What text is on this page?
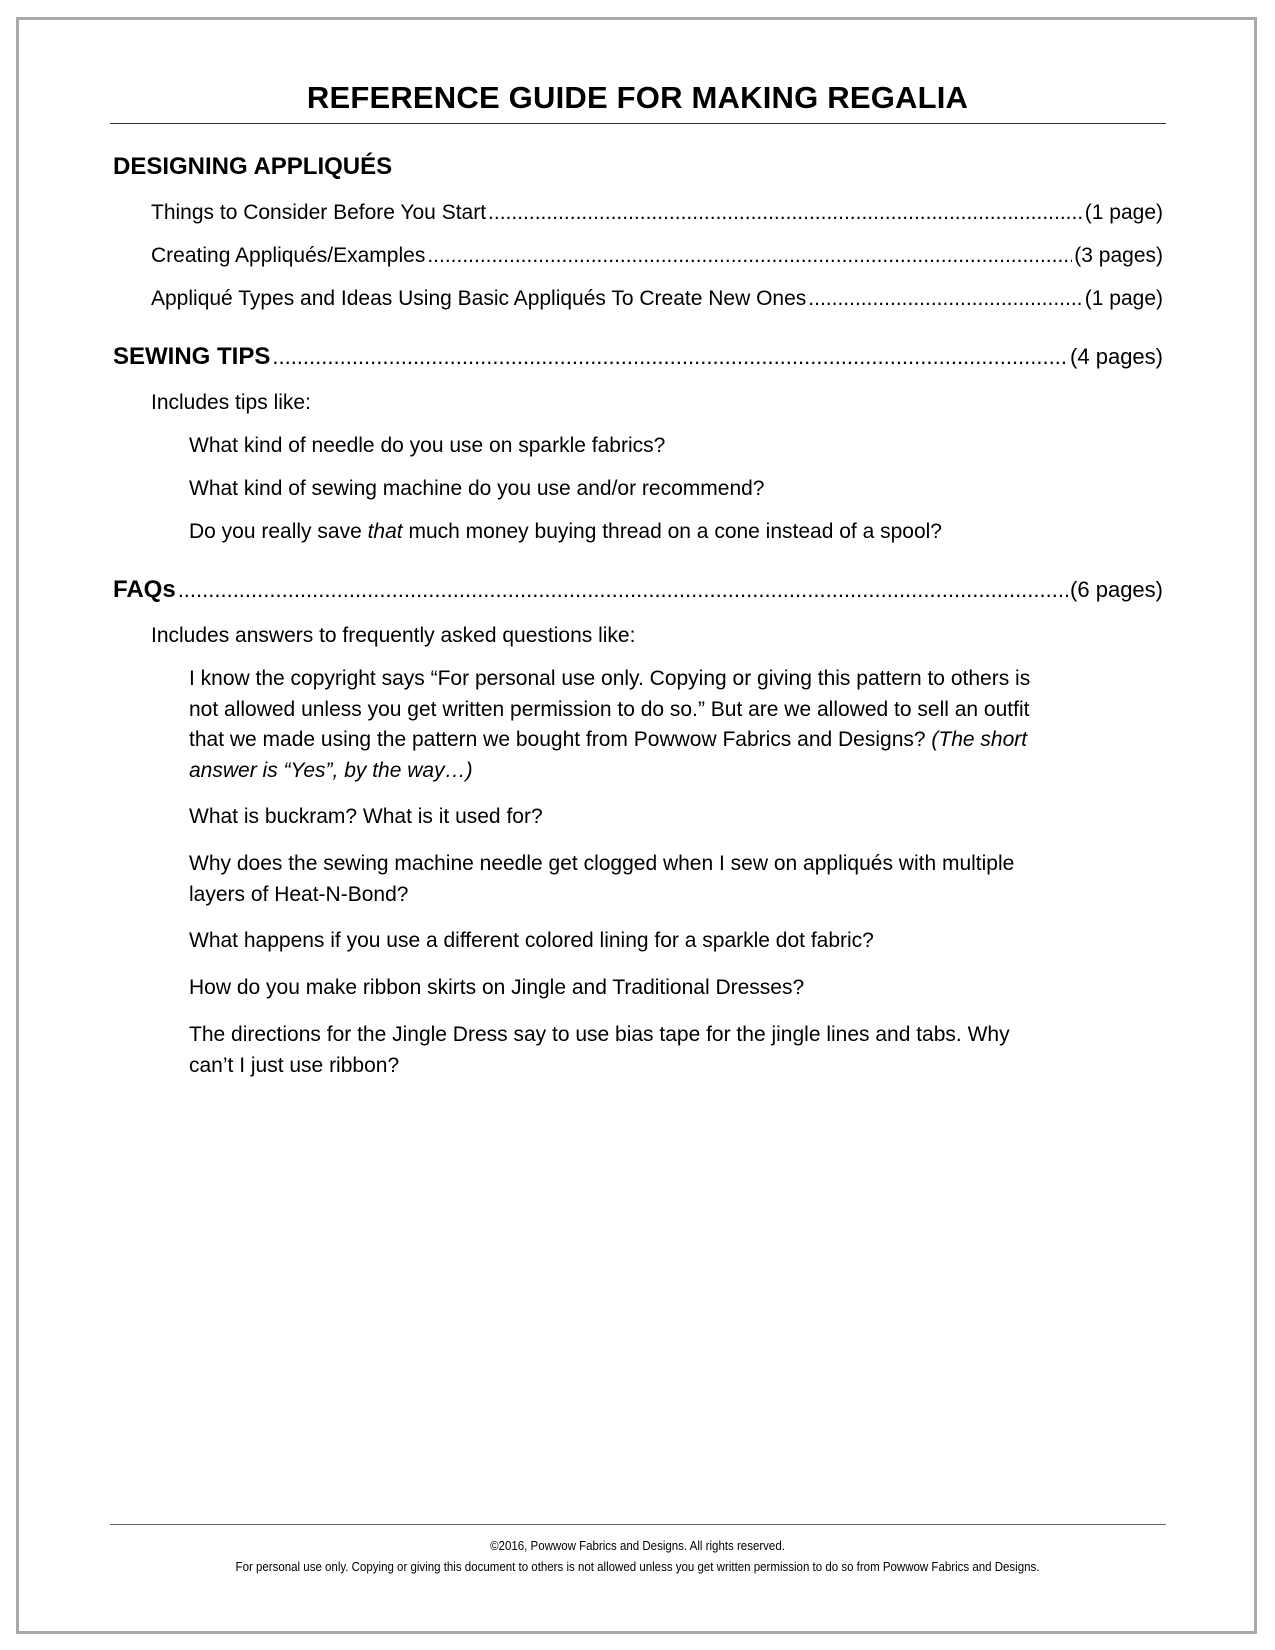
REFERENCE GUIDE FOR MAKING REGALIA
DESIGNING APPLIQUÉS
Things to Consider Before You Start .....	(1 page)
Creating Appliqués/Examples .....	(3 pages)
Appliqué Types and Ideas Using Basic Appliqués To Create New Ones .....	(1 page)
SEWING TIPS .....	(4 pages)
Includes tips like:
What kind of needle do you use on sparkle fabrics?
What kind of sewing machine do you use and/or recommend?
Do you really save that much money buying thread on a cone instead of a spool?
FAQs .....	(6 pages)
Includes answers to frequently asked questions like:
I know the copyright says “For personal use only. Copying or giving this pattern to others is not allowed unless you get written permission to do so.” But are we allowed to sell an outfit that we made using the pattern we bought from Powwow Fabrics and Designs? (The short answer is “Yes”, by the way…)
What is buckram? What is it used for?
Why does the sewing machine needle get clogged when I sew on appliqués with multiple layers of Heat-N-Bond?
What happens if you use a different colored lining for a sparkle dot fabric?
How do you make ribbon skirts on Jingle and Traditional Dresses?
The directions for the Jingle Dress say to use bias tape for the jingle lines and tabs. Why can’t I just use ribbon?
©2016, Powwow Fabrics and Designs. All rights reserved.
For personal use only. Copying or giving this document to others is not allowed unless you get written permission to do so from Powwow Fabrics and Designs.
